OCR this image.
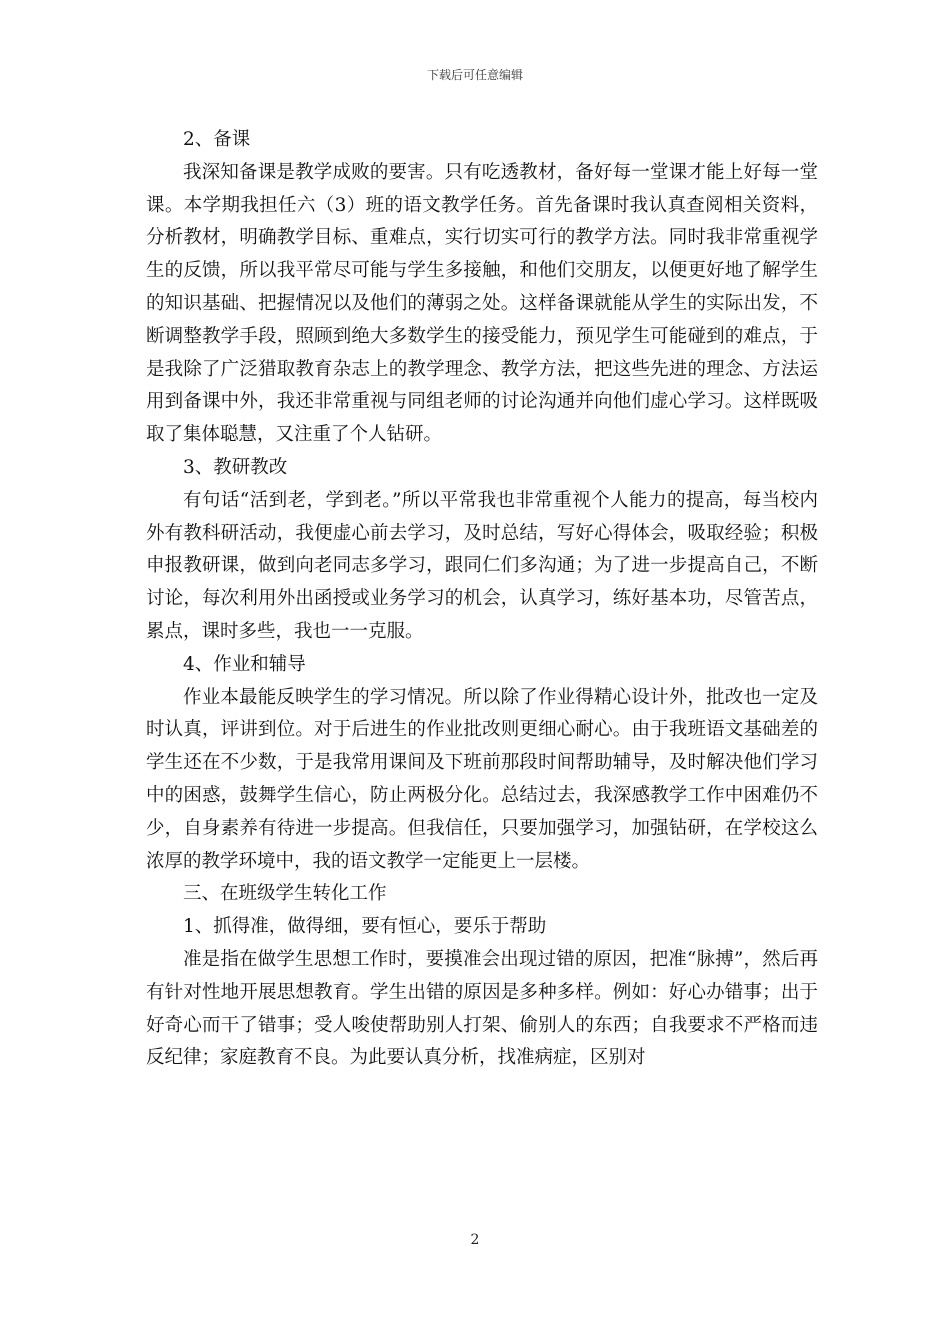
下载后可任意编辑

2、备课

我深知备课是教学成败的要害。只有吃透教材，备好每一堂课才能上好每一堂课。本学期我担任六（3）班的语文教学任务。首先备课时我认真查阅相关资料，分析教材，明确教学目标、重难点，实行切实可行的教学方法。同时我非常重视学生的反馈，所以我平常尽可能与学生多接触，和他们交朋友，以便更好地了解学生的知识基础、把握情况以及他们的薄弱之处。这样备课就能从学生的实际出发，不断调整教学手段，照顾到绝大多数学生的接受能力，预见学生可能碰到的难点，于是我除了广泛猎取教育杂志上的教学理念、教学方法，把这些先进的理念、方法运用到备课中外，我还非常重视与同组老师的讨论沟通并向他们虚心学习。这样既吸取了集体聪慧，又注重了个人钻研。

3、教研教改

有句话“活到老，学到老。”所以平常我也非常重视个人能力的提高，每当校内外有教科研活动，我便虚心前去学习，及时总结，写好心得体会，吸取经验；积极申报教研课，做到向老同志多学习，跟同仁们多沟通；为了进一步提高自己，不断讨论，每次利用外出函授或业务学习的机会，认真学习，练好基本功，尽管苦点，累点，课时多些，我也一一克服。

4、作业和辅导

作业本最能反映学生的学习情况。所以除了作业得精心设计外，批改也一定及时认真，评讲到位。对于后进生的作业批改则更细心耐心。由于我班语文基础差的学生还在不少数，于是我常用课间及下班前那段时间帮助辅导，及时解决他们学习中的困惑，鼓舞学生信心，防止两极分化。总结过去，我深感教学工作中困难仍不少，自身素养有待进一步提高。但我信任，只要加强学习，加强钻研，在学校这么浓厚的教学环境中，我的语文教学一定能更上一层楼。

三、在班级学生转化工作

1、抓得准，做得细，要有恒心，要乐于帮助

准是指在做学生思想工作时，要摸准会出现过错的原因，把准“脉搏”，然后再有针对性地开展思想教育。学生出错的原因是多种多样。例如：好心办错事；出于好奇心而干了错事；受人唆使帮助别人打架、偷别人的东西；自我要求不严格而违反纪律；家庭教育不良。为此要认真分析，找准病症，区别对

2
